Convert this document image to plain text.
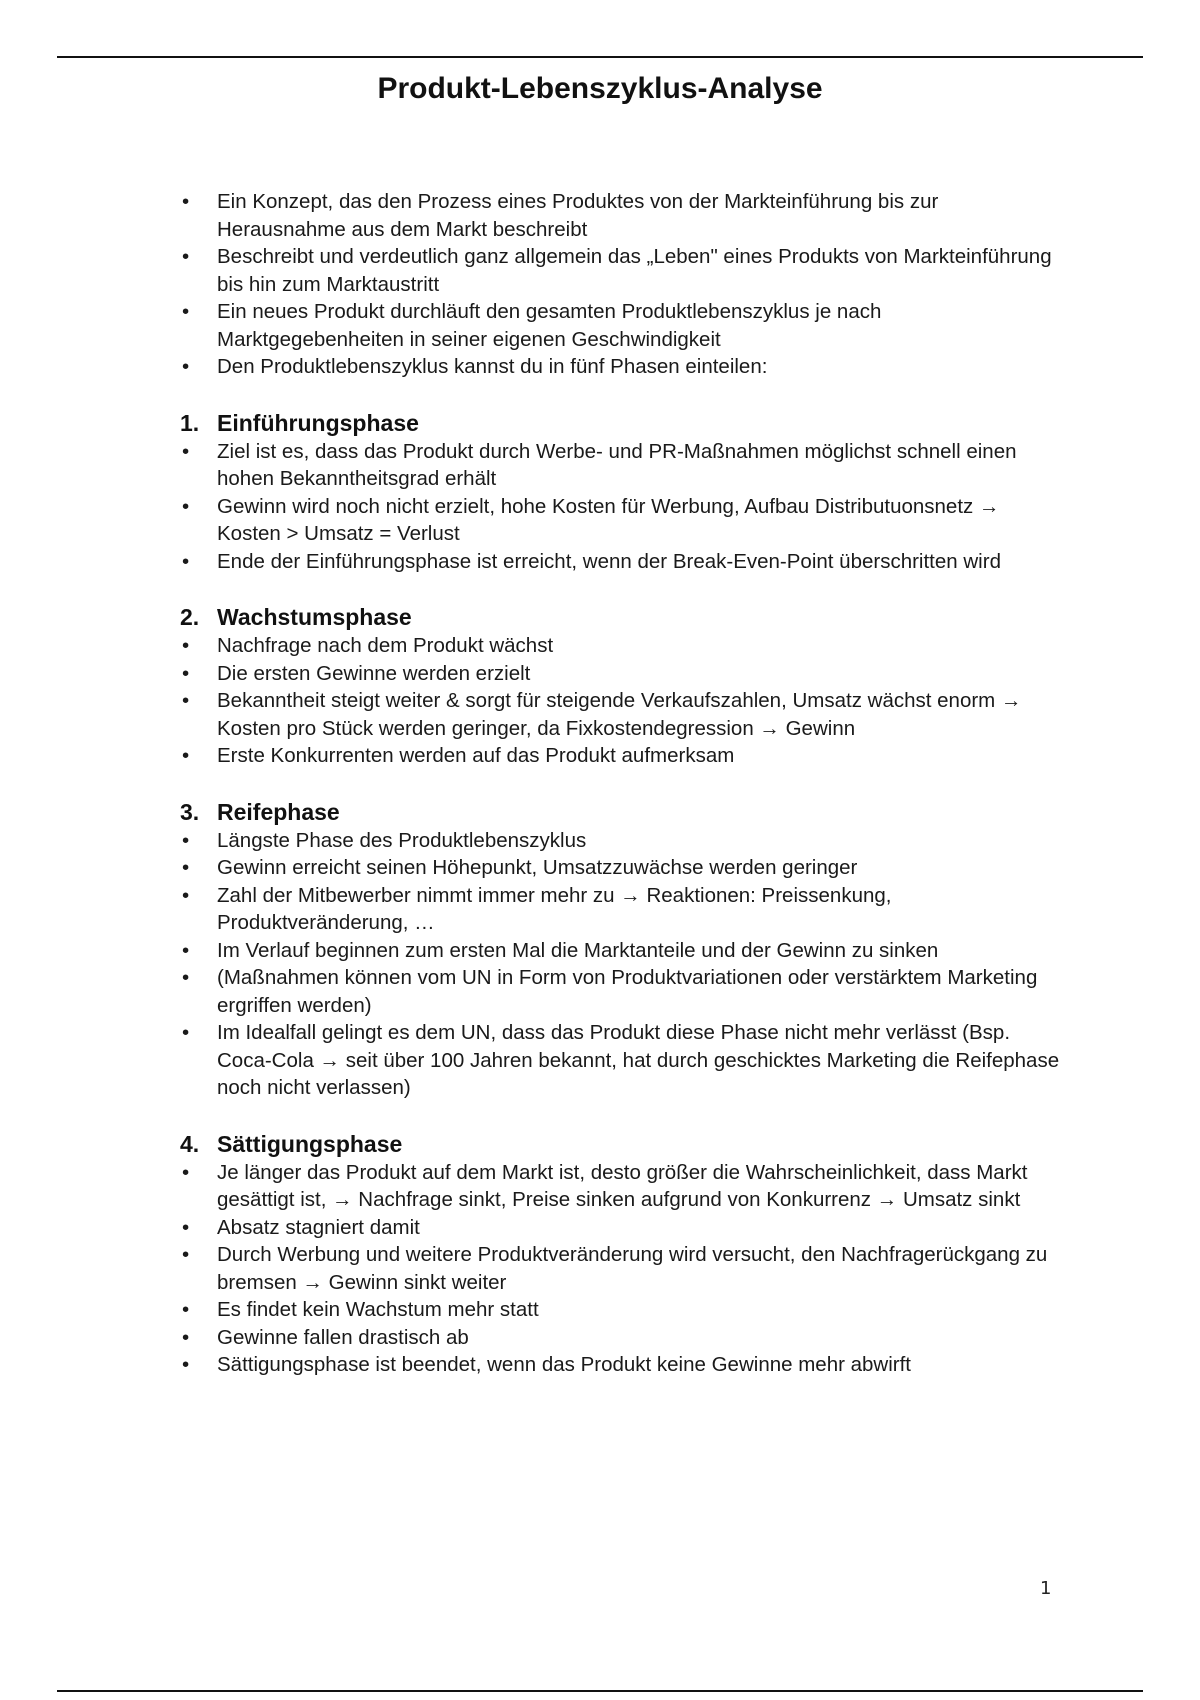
Produkt-Lebenszyklus-Analyse
• Ein Konzept, das den Prozess eines Produktes von der Markteinführung bis zur Herausnahme aus dem Markt beschreibt
• Beschreibt und verdeutlich ganz allgemein das „Leben" eines Produkts von Markteinführung bis hin zum Marktaustritt
• Ein neues Produkt durchläuft den gesamten Produktlebenszyklus je nach Marktgegebenheiten in seiner eigenen Geschwindigkeit
• Den Produktlebenszyklus kannst du in fünf Phasen einteilen:
1. Einführungsphase
• Ziel ist es, dass das Produkt durch Werbe- und PR-Maßnahmen möglichst schnell einen hohen Bekanntheitsgrad erhält
• Gewinn wird noch nicht erzielt, hohe Kosten für Werbung, Aufbau Distributuonsnetz → Kosten > Umsatz = Verlust
• Ende der Einführungsphase ist erreicht, wenn der Break-Even-Point überschritten wird
2. Wachstumsphase
• Nachfrage nach dem Produkt wächst
• Die ersten Gewinne werden erzielt
• Bekanntheit steigt weiter & sorgt für steigende Verkaufszahlen, Umsatz wächst enorm → Kosten pro Stück werden geringer, da Fixkostendegression → Gewinn
• Erste Konkurrenten werden auf das Produkt aufmerksam
3. Reifephase
• Längste Phase des Produktlebenszyklus
• Gewinn erreicht seinen Höhepunkt, Umsatzzuwächse werden geringer
• Zahl der Mitbewerber nimmt immer mehr zu → Reaktionen: Preissenkung, Produktveränderung, …
• Im Verlauf beginnen zum ersten Mal die Marktanteile und der Gewinn zu sinken
• (Maßnahmen können vom UN in Form von Produktvariationen oder verstärktem Marketing ergriffen werden)
• Im Idealfall gelingt es dem UN, dass das Produkt diese Phase nicht mehr verlässt (Bsp. Coca-Cola → seit über 100 Jahren bekannt, hat durch geschicktes Marketing die Reifephase noch nicht verlassen)
4. Sättigungsphase
• Je länger das Produkt auf dem Markt ist, desto größer die Wahrscheinlichkeit, dass Markt gesättigt ist, → Nachfrage sinkt, Preise sinken aufgrund von Konkurrenz → Umsatz sinkt
• Absatz stagniert damit
• Durch Werbung und weitere Produktveränderung wird versucht, den Nachfragerückgang zu bremsen → Gewinn sinkt weiter
• Es findet kein Wachstum mehr statt
• Gewinne fallen drastisch ab
• Sättigungsphase ist beendet, wenn das Produkt keine Gewinne mehr abwirft
1
